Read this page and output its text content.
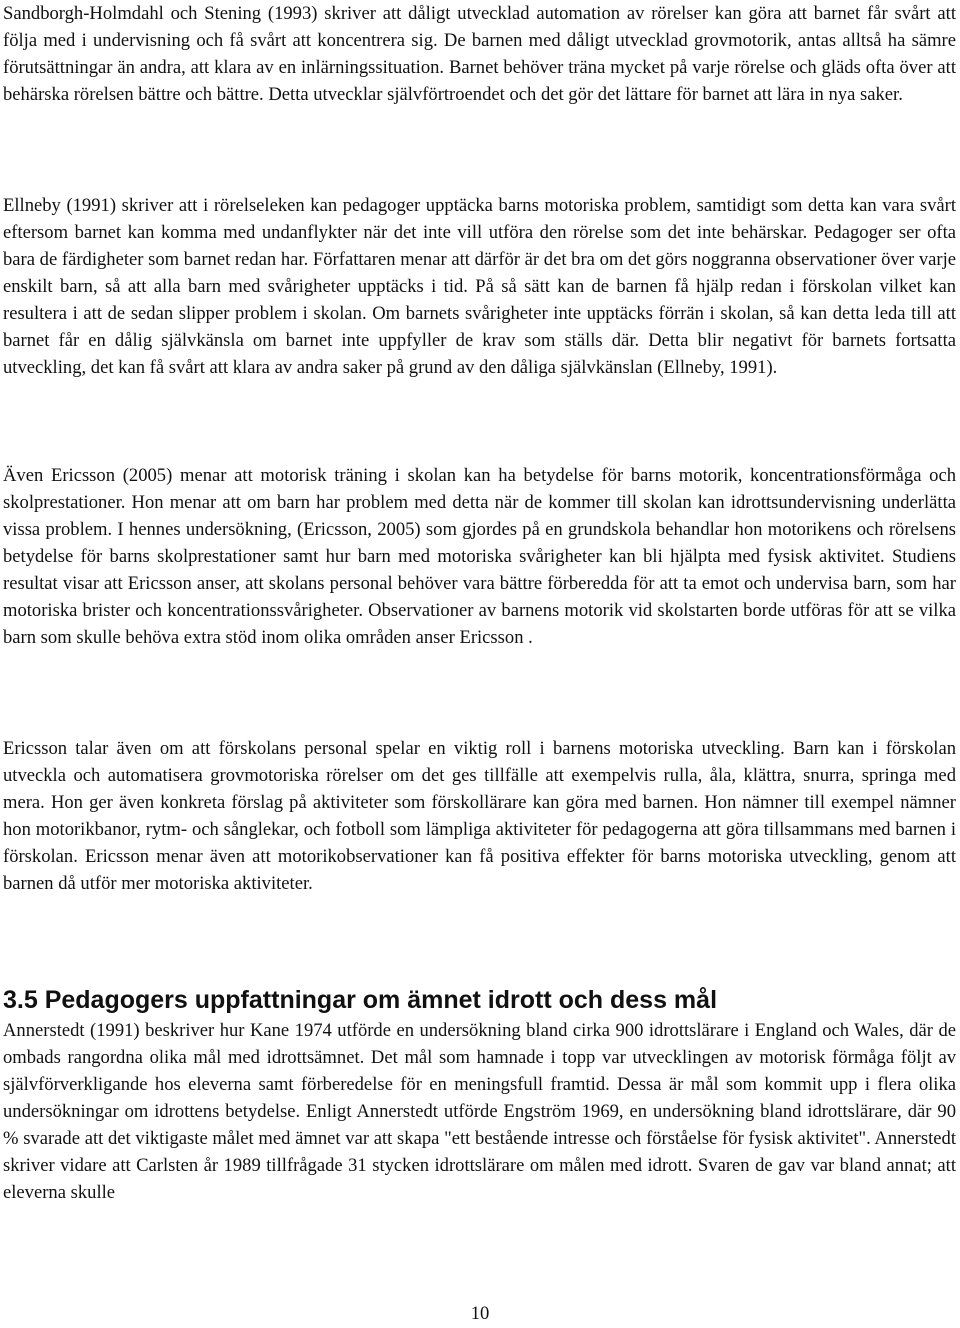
Sandborgh-Holmdahl och Stening (1993) skriver att dåligt utvecklad automation av rörelser kan göra att barnet får svårt att följa med i undervisning och få svårt att koncentrera sig. De barnen med dåligt utvecklad grovmotorik, antas alltså ha sämre förutsättningar än andra, att klara av en inlärningssituation. Barnet behöver träna mycket på varje rörelse och gläds ofta över att behärska rörelsen bättre och bättre. Detta utvecklar självförtroendet och det gör det lättare för barnet att lära in nya saker.

Ellneby (1991) skriver att i rörelseleken kan pedagoger upptäcka barns motoriska problem, samtidigt som detta kan vara svårt eftersom barnet kan komma med undanflykter när det inte vill utföra den rörelse som det inte behärskar. Pedagoger ser ofta bara de färdigheter som barnet redan har. Författaren menar att därför är det bra om det görs noggranna observationer över varje enskilt barn, så att alla barn med svårigheter upptäcks i tid. På så sätt kan de barnen få hjälp redan i förskolan vilket kan resultera i att de sedan slipper problem i skolan. Om barnets svårigheter inte upptäcks förrän i skolan, så kan detta leda till att barnet får en dålig självkänsla om barnet inte uppfyller de krav som ställs där. Detta blir negativt för barnets fortsatta utveckling, det kan få svårt att klara av andra saker på grund av den dåliga självkänslan (Ellneby, 1991).

Även Ericsson (2005) menar att motorisk träning i skolan kan ha betydelse för barns motorik, koncentrationsförmåga och skolprestationer. Hon menar att om barn har problem med detta när de kommer till skolan kan idrottsundervisning underlätta vissa problem. I hennes undersökning, (Ericsson, 2005) som gjordes på en grundskola behandlar hon motorikens och rörelsens betydelse för barns skolprestationer samt hur barn med motoriska svårigheter kan bli hjälpta med fysisk aktivitet. Studiens resultat visar att Ericsson anser, att skolans personal behöver vara bättre förberedda för att ta emot och undervisa barn, som har motoriska brister och koncentrationssvårigheter. Observationer av barnens motorik vid skolstarten borde utföras för att se vilka barn som skulle behöva extra stöd inom olika områden anser Ericsson .

Ericsson talar även om att förskolans personal spelar en viktig roll i barnens motoriska utveckling. Barn kan i förskolan utveckla och automatisera grovmotoriska rörelser om det ges tillfälle att exempelvis rulla, åla, klättra, snurra, springa med mera. Hon ger även konkreta förslag på aktiviteter som förskollärare kan göra med barnen. Hon nämner till exempel nämner hon motorikbanor, rytm- och sånglekar, och fotboll som lämpliga aktiviteter för pedagogerna att göra tillsammans med barnen i förskolan. Ericsson menar även att motorikobservationer kan få positiva effekter för barns motoriska utveckling, genom att barnen då utför mer motoriska aktiviteter.

3.5 Pedagogers uppfattningar om ämnet idrott och dess mål

Annerstedt (1991) beskriver hur Kane 1974 utförde en undersökning bland cirka 900 idrottslärare i England och Wales, där de ombads rangordna olika mål med idrottsämnet. Det mål som hamnade i topp var utvecklingen av motorisk förmåga följt av självförverkligande hos eleverna samt förberedelse för en meningsfull framtid. Dessa är mål som kommit upp i flera olika undersökningar om idrottens betydelse. Enligt Annerstedt utförde Engström 1969, en undersökning bland idrottslärare, där 90 % svarade att det viktigaste målet med ämnet var att skapa "ett bestående intresse och förståelse för fysisk aktivitet". Annerstedt skriver vidare att Carlsten år 1989 tillfrågade 31 stycken idrottslärare om målen med idrott. Svaren de gav var bland annat; att eleverna skulle

10
